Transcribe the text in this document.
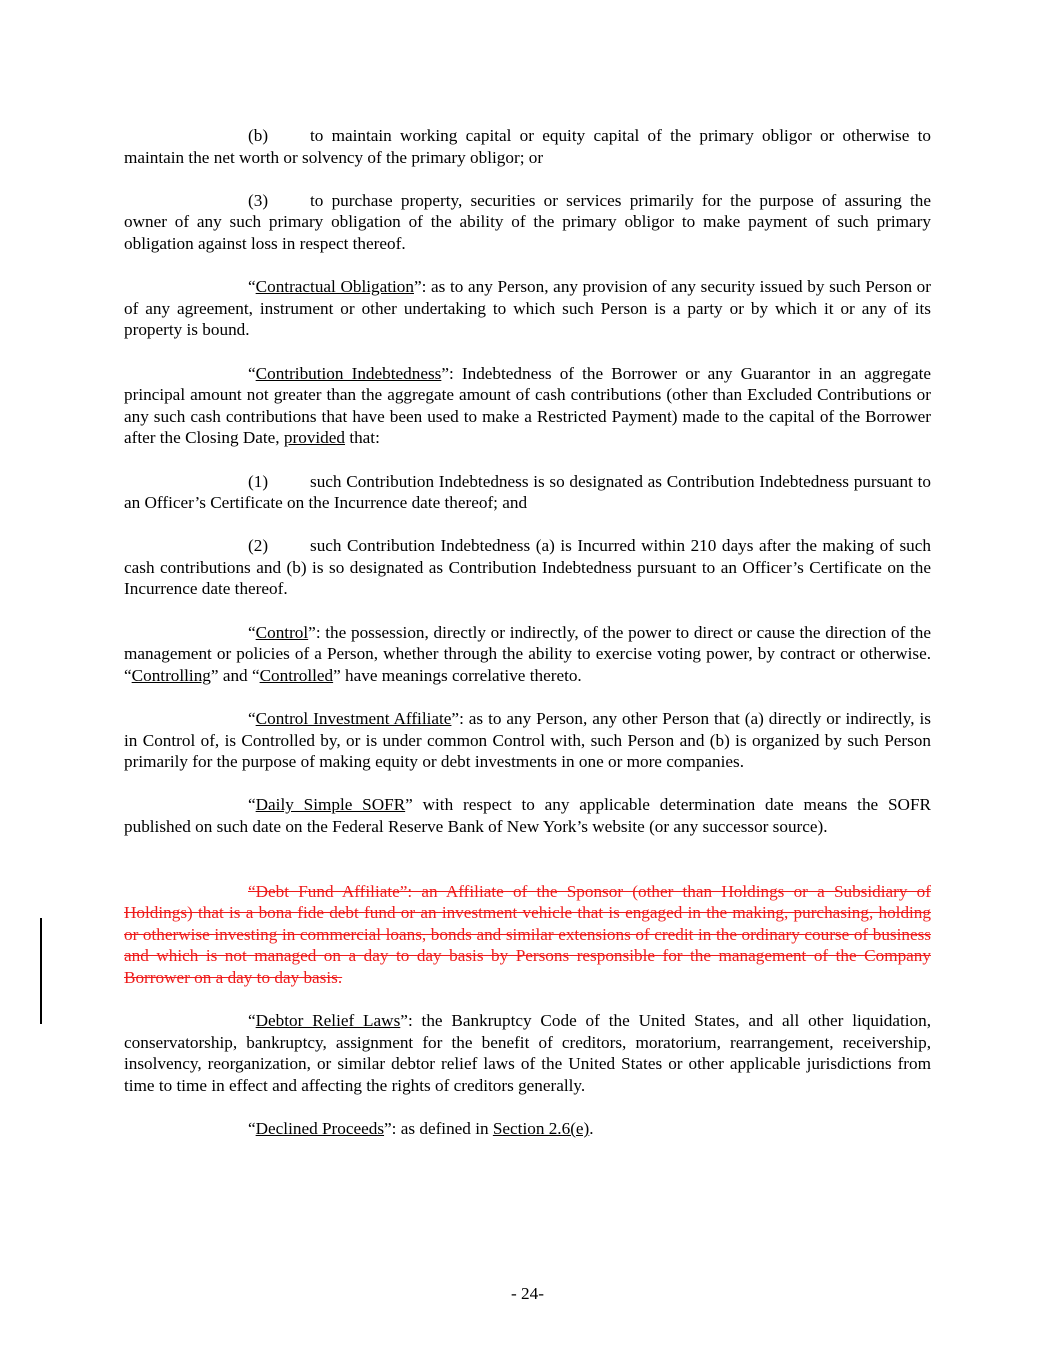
(b) to maintain working capital or equity capital of the primary obligor or otherwise to maintain the net worth or solvency of the primary obligor; or

(3) to purchase property, securities or services primarily for the purpose of assuring the owner of any such primary obligation of the ability of the primary obligor to make payment of such primary obligation against loss in respect thereof.

“Contractual Obligation”: as to any Person, any provision of any security issued by such Person or of any agreement, instrument or other undertaking to which such Person is a party or by which it or any of its property is bound.

“Contribution Indebtedness”: Indebtedness of the Borrower or any Guarantor in an aggregate principal amount not greater than the aggregate amount of cash contributions (other than Excluded Contributions or any such cash contributions that have been used to make a Restricted Payment) made to the capital of the Borrower after the Closing Date, provided that:

(1) such Contribution Indebtedness is so designated as Contribution Indebtedness pursuant to an Officer’s Certificate on the Incurrence date thereof; and

(2) such Contribution Indebtedness (a) is Incurred within 210 days after the making of such cash contributions and (b) is so designated as Contribution Indebtedness pursuant to an Officer’s Certificate on the Incurrence date thereof.

“Control”: the possession, directly or indirectly, of the power to direct or cause the direction of the management or policies of a Person, whether through the ability to exercise voting power, by contract or otherwise. “Controlling” and “Controlled” have meanings correlative thereto.

“Control Investment Affiliate”: as to any Person, any other Person that (a) directly or indirectly, is in Control of, is Controlled by, or is under common Control with, such Person and (b) is organized by such Person primarily for the purpose of making equity or debt investments in one or more companies.

“Daily Simple SOFR” with respect to any applicable determination date means the SOFR published on such date on the Federal Reserve Bank of New York’s website (or any successor source).

“Debt Fund Affiliate”: an Affiliate of the Sponsor (other than Holdings or a Subsidiary of Holdings) that is a bona fide debt fund or an investment vehicle that is engaged in the making, purchasing, holding or otherwise investing in commercial loans, bonds and similar extensions of credit in the ordinary course of business and which is not managed on a day to day basis by Persons responsible for the management of the Company Borrower on a day to day basis.

“Debtor Relief Laws”: the Bankruptcy Code of the United States, and all other liquidation, conservatorship, bankruptcy, assignment for the benefit of creditors, moratorium, rearrangement, receivership, insolvency, reorganization, or similar debtor relief laws of the United States or other applicable jurisdictions from time to time in effect and affecting the rights of creditors generally.

“Declined Proceeds”: as defined in Section 2.6(e).

- 24-
